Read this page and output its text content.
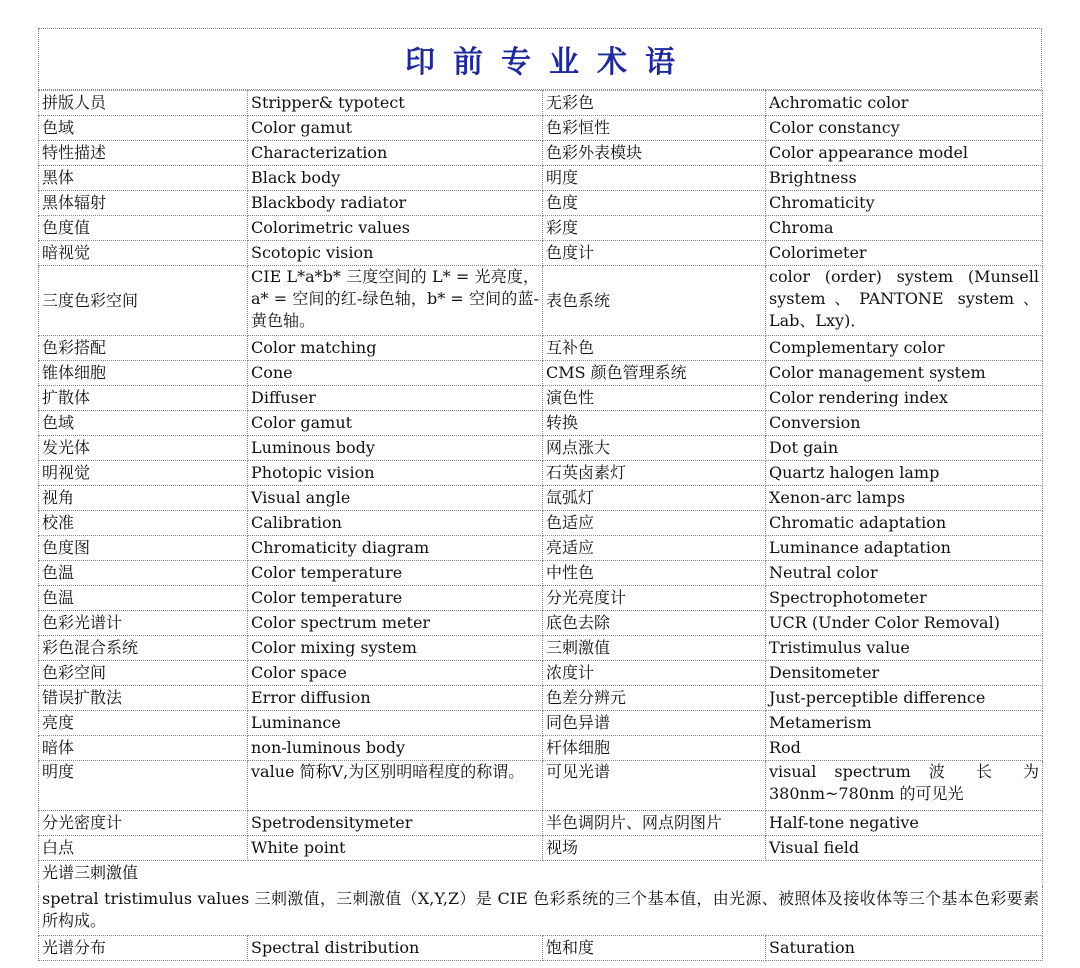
印前专业术语
拼版人员	Stripper& typotect	无彩色	Achromatic color
色域	Color gamut	色彩恒性	Color constancy
特性描述	Characterization	色彩外表模块	Color appearance model
黑体	Black body	明度	Brightness
黑体辐射	Blackbody radiator	色度	Chromaticity
色度值	Colorimetric values	彩度	Chroma
暗视觉	Scotopic vision	色度计	Colorimeter
三度色彩空间	CIE L*a*b* 三度空间的 L* = 光亮度，a* = 空间的红-绿色轴，b* = 空间的蓝-黄色轴。	表色系统	color (order) system (Munsell system、PANTONE system、Lab、Lxy)．
色彩搭配	Color matching	互补色	Complementary color
锥体细胞	Cone	CMS 颜色管理系统	Color management system
扩散体	Diffuser	演色性	Color rendering index
色域	Color gamut	转换	Conversion
发光体	Luminous body	网点涨大	Dot gain
明视觉	Photopic vision	石英卤素灯	Quartz halogen lamp
视角	Visual angle	氙弧灯	Xenon-arc lamps
校准	Calibration	色适应	Chromatic adaptation
色度图	Chromaticity diagram	亮适应	Luminance adaptation
色温	Color temperature	中性色	Neutral color
色温	Color temperature	分光亮度计	Spectrophotometer
色彩光谱计	Color spectrum meter	底色去除	UCR (Under Color Removal)
彩色混合系统	Color mixing system	三刺激值	Tristimulus value
色彩空间	Color space	浓度计	Densitometer
错误扩散法	Error diffusion	色差分辨元	Just-perceptible difference
亮度	Luminance	同色异谱	Metamerism
暗体	non-luminous body	杆体细胞	Rod
明度	value 简称Ⅴ,为区别明暗程度的称谓。	可见光谱	visual spectrum 波 长 为 380nm~780nm 的可见光
分光密度计	Spetrodensitymeter	半色调阴片、网点阴图片	Half-tone negative
白点	White point	视场	Visual field
光谱三刺激值			
spetral tristimulus values 三刺激值，三刺激值（X,Y,Z）是 CIE 色彩系统的三个基本值，由光源、被照体及接收体等三个基本色彩要素所构成。			
光谱分布	Spectral distribution	饱和度	Saturation
